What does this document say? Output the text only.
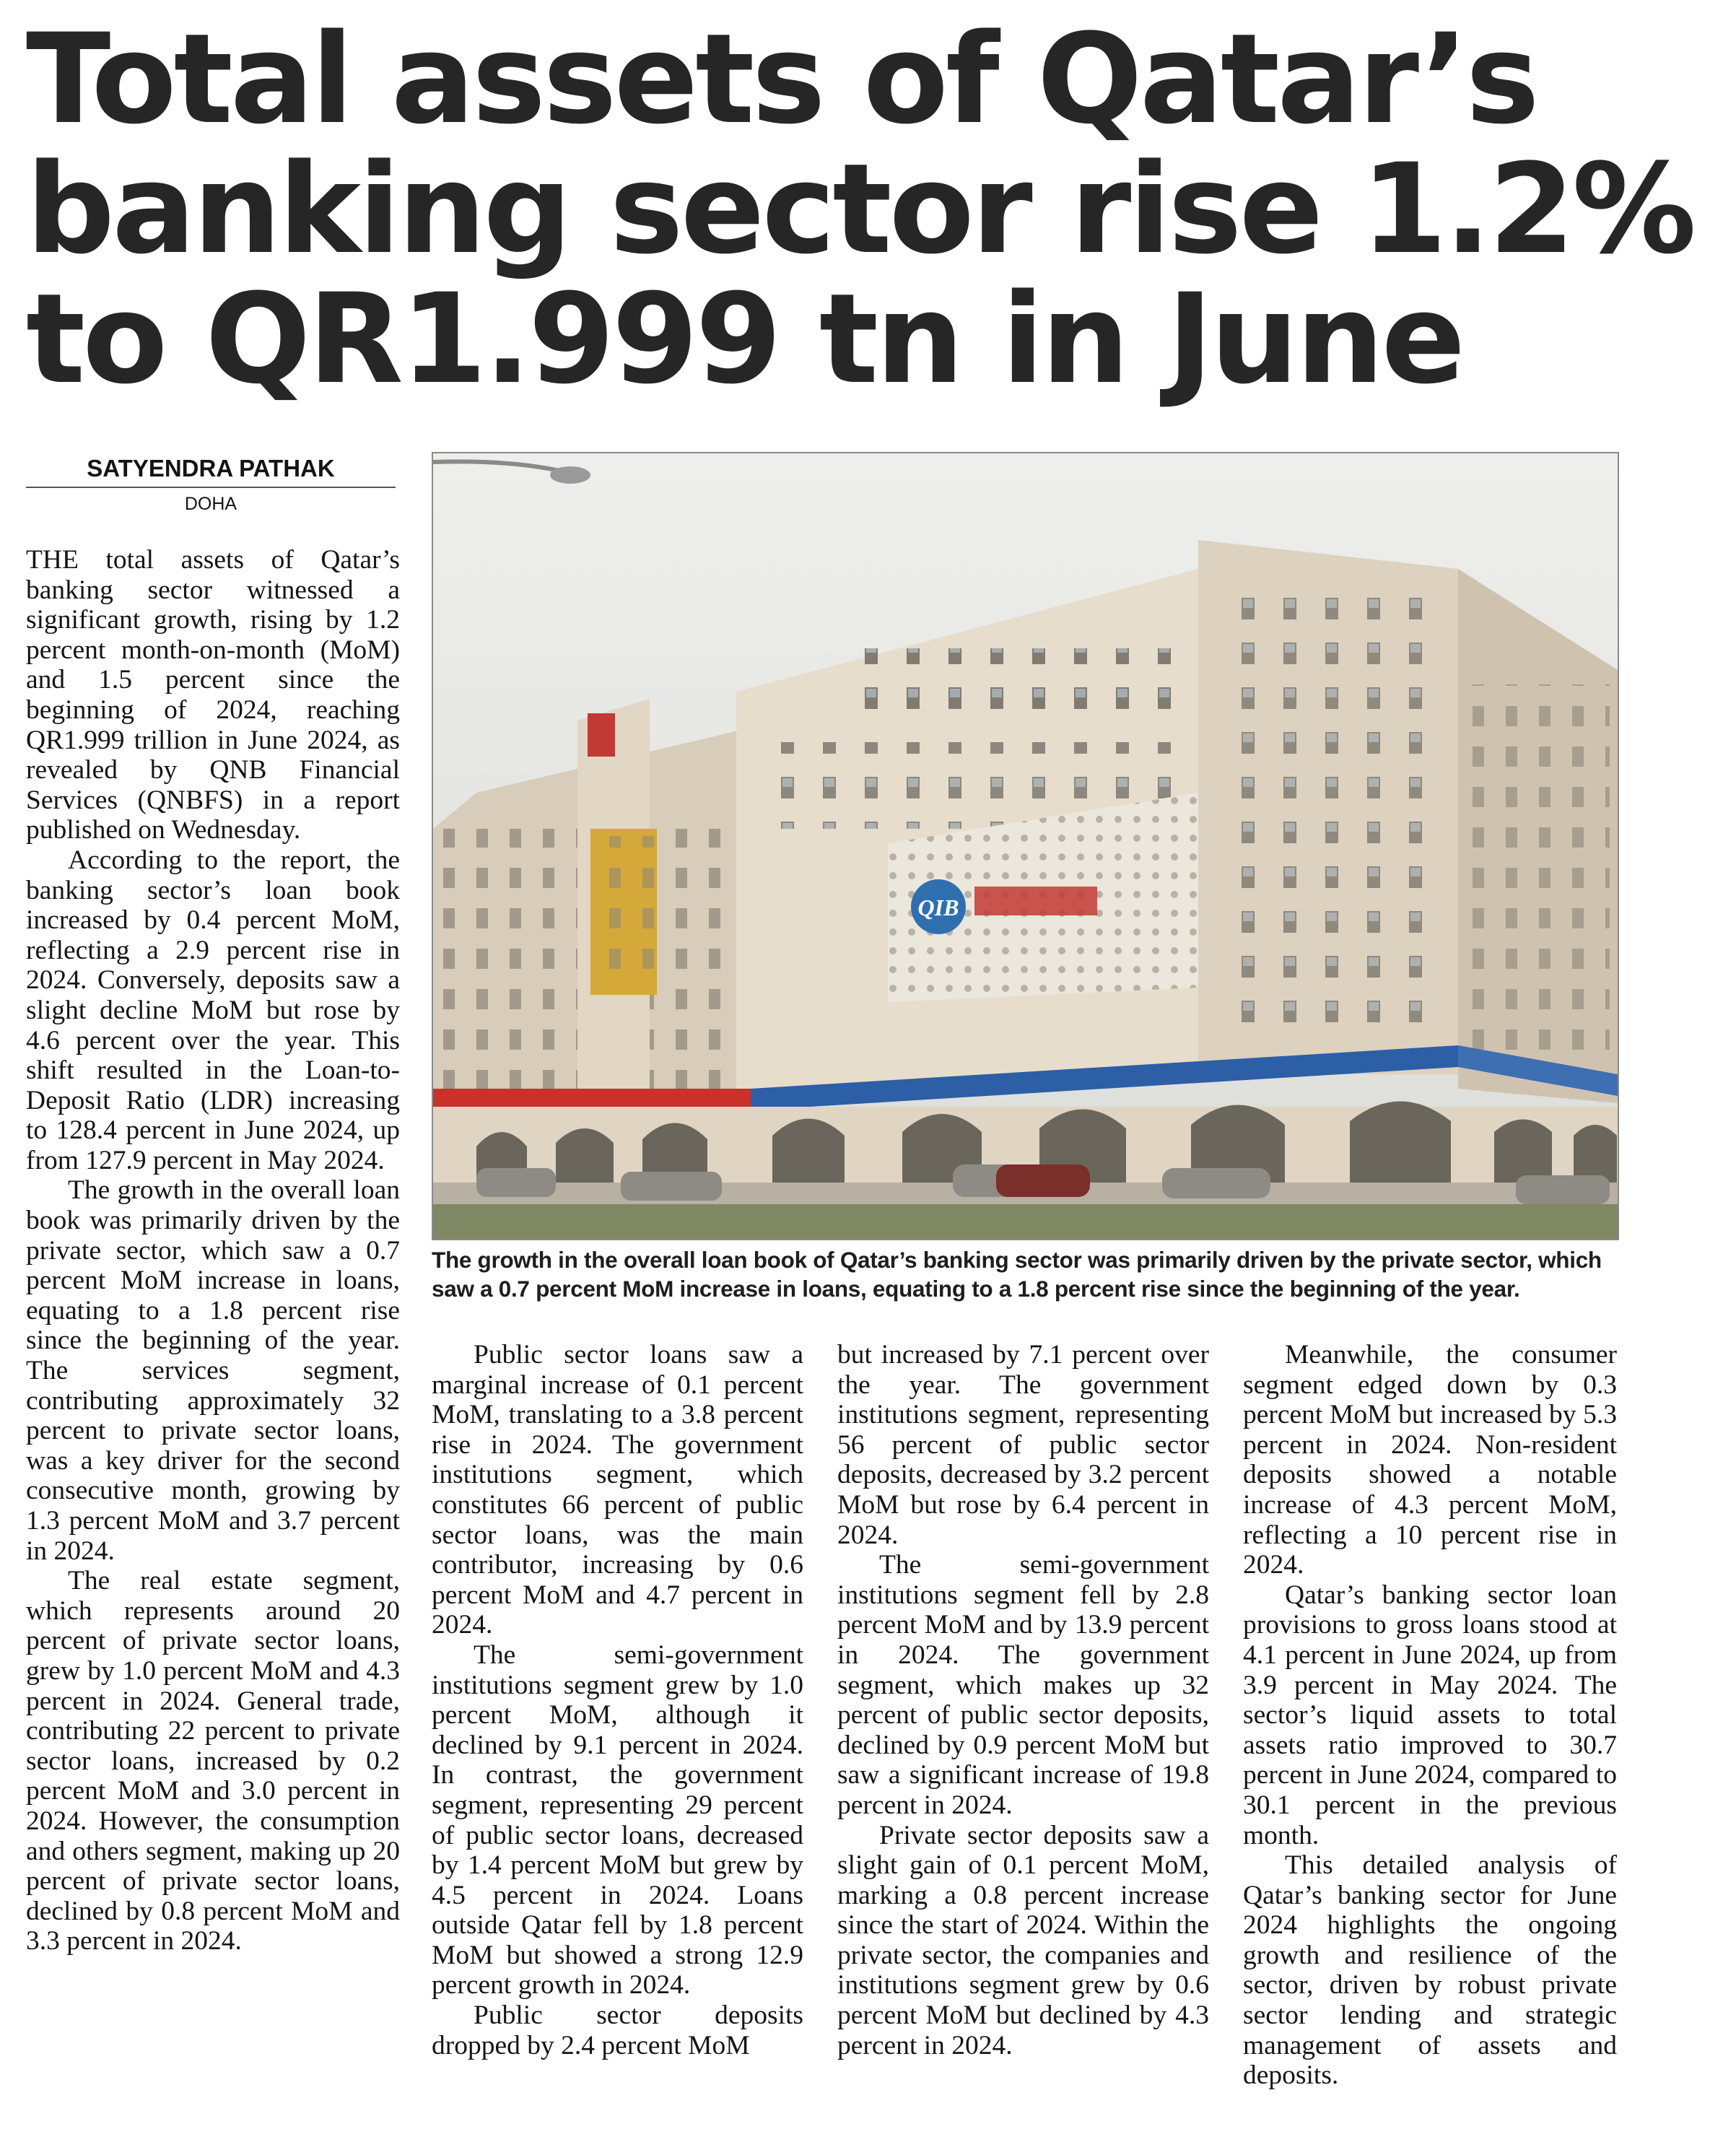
Total assets of Qatar’s banking sector rise 1.2% to QR1.999 tn in June
SATYENDRA PATHAK
DOHA

THE total assets of Qatar’s banking sector witnessed a significant growth, rising by 1.2 percent month-on-month (MoM) and 1.5 percent since the beginning of 2024, reaching QR1.999 trillion in June 2024, as revealed by QNB Financial Services (QNBFS) in a report published on Wednesday.

According to the report, the banking sector’s loan book increased by 0.4 percent MoM, reflecting a 2.9 percent rise in 2024. Conversely, deposits saw a slight decline MoM but rose by 4.6 percent over the year. This shift resulted in the Loan-to-Deposit Ratio (LDR) increasing to 128.4 percent in June 2024, up from 127.9 percent in May 2024.

The growth in the overall loan book was primarily driven by the private sector, which saw a 0.7 percent MoM increase in loans, equating to a 1.8 percent rise since the beginning of the year. The services segment, contributing approximately 32 percent to private sector loans, was a key driver for the second consecutive month, growing by 1.3 percent MoM and 3.7 percent in 2024.

The real estate segment, which represents around 20 percent of private sector loans, grew by 1.0 percent MoM and 4.3 percent in 2024. General trade, contributing 22 percent to private sector loans, increased by 0.2 percent MoM and 3.0 percent in 2024. However, the consumption and others segment, making up 20 percent of private sector loans, declined by 0.8 percent MoM and 3.3 percent in 2024.

QIB

The growth in the overall loan book of Qatar’s banking sector was primarily driven by the private sector, which saw a 0.7 percent MoM increase in loans, equating to a 1.8 percent rise since the beginning of the year.

Public sector loans saw a marginal increase of 0.1 percent MoM, translating to a 3.8 percent rise in 2024. The government institutions segment, which constitutes 66 percent of public sector loans, was the main contributor, increasing by 0.6 percent MoM and 4.7 percent in 2024.

The semi-government institutions segment grew by 1.0 percent MoM, although it declined by 9.1 percent in 2024. In contrast, the government segment, representing 29 percent of public sector loans, decreased by 1.4 percent MoM but grew by 4.5 percent in 2024. Loans outside Qatar fell by 1.8 percent MoM but showed a strong 12.9 percent growth in 2024.

Public sector deposits dropped by 2.4 percent MoM

but increased by 7.1 percent over the year. The government institutions segment, representing 56 percent of public sector deposits, decreased by 3.2 percent MoM but rose by 6.4 percent in 2024.

The semi-government institutions segment fell by 2.8 percent MoM and by 13.9 percent in 2024. The government segment, which makes up 32 percent of public sector deposits, declined by 0.9 percent MoM but saw a significant increase of 19.8 percent in 2024.

Private sector deposits saw a slight gain of 0.1 percent MoM, marking a 0.8 percent increase since the start of 2024. Within the private sector, the companies and institutions segment grew by 0.6 percent MoM but declined by 4.3 percent in 2024.

Meanwhile, the consumer segment edged down by 0.3 percent MoM but increased by 5.3 percent in 2024. Non-resident deposits showed a notable increase of 4.3 percent MoM, reflecting a 10 percent rise in 2024.

Qatar’s banking sector loan provisions to gross loans stood at 4.1 percent in June 2024, up from 3.9 percent in May 2024. The sector’s liquid assets to total assets ratio improved to 30.7 percent in June 2024, compared to 30.1 percent in the previous month.

This detailed analysis of Qatar’s banking sector for June 2024 highlights the ongoing growth and resilience of the sector, driven by robust private sector lending and strategic management of assets and deposits.
